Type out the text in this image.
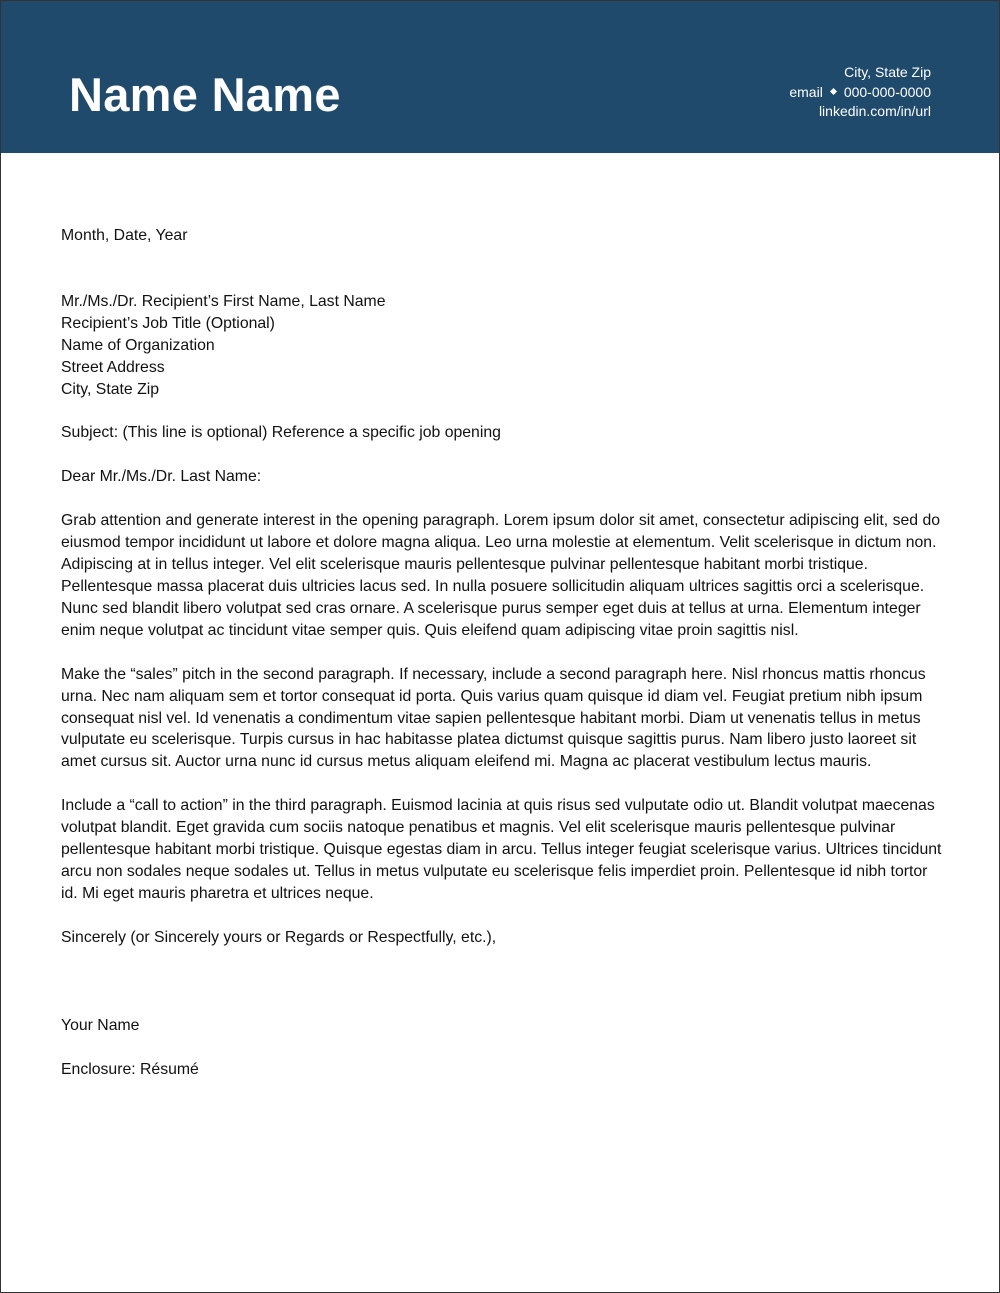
Name Name	City, State Zip
email 000-000-0000
linkedin.com/in/url

Month, Date, Year

Mr./Ms./Dr. Recipient’s First Name, Last Name
Recipient’s Job Title (Optional)
Name of Organization
Street Address
City, State Zip

Subject: (This line is optional) Reference a specific job opening

Dear Mr./Ms./Dr. Last Name:

Grab attention and generate interest in the opening paragraph. Lorem ipsum dolor sit amet, consectetur adipiscing elit, sed do eiusmod tempor incididunt ut labore et dolore magna aliqua. Leo urna molestie at elementum. Velit scelerisque in dictum non. Adipiscing at in tellus integer. Vel elit scelerisque mauris pellentesque pulvinar pellentesque habitant morbi tristique. Pellentesque massa placerat duis ultricies lacus sed. In nulla posuere sollicitudin aliquam ultrices sagittis orci a scelerisque. Nunc sed blandit libero volutpat sed cras ornare. A scelerisque purus semper eget duis at tellus at urna. Elementum integer enim neque volutpat ac tincidunt vitae semper quis. Quis eleifend quam adipiscing vitae proin sagittis nisl.

Make the “sales” pitch in the second paragraph. If necessary, include a second paragraph here. Nisl rhoncus mattis rhoncus urna. Nec nam aliquam sem et tortor consequat id porta. Quis varius quam quisque id diam vel. Feugiat pretium nibh ipsum consequat nisl vel. Id venenatis a condimentum vitae sapien pellentesque habitant morbi. Diam ut venenatis tellus in metus vulputate eu scelerisque. Turpis cursus in hac habitasse platea dictumst quisque sagittis purus. Nam libero justo laoreet sit amet cursus sit. Auctor urna nunc id cursus metus aliquam eleifend mi. Magna ac placerat vestibulum lectus mauris.

Include a “call to action” in the third paragraph. Euismod lacinia at quis risus sed vulputate odio ut. Blandit volutpat maecenas volutpat blandit. Eget gravida cum sociis natoque penatibus et magnis. Vel elit scelerisque mauris pellentesque pulvinar pellentesque habitant morbi tristique. Quisque egestas diam in arcu. Tellus integer feugiat scelerisque varius. Ultrices tincidunt arcu non sodales neque sodales ut. Tellus in metus vulputate eu scelerisque felis imperdiet proin. Pellentesque id nibh tortor id. Mi eget mauris pharetra et ultrices neque.

Sincerely (or Sincerely yours or Regards or Respectfully, etc.),

Your Name

Enclosure: Résumé
